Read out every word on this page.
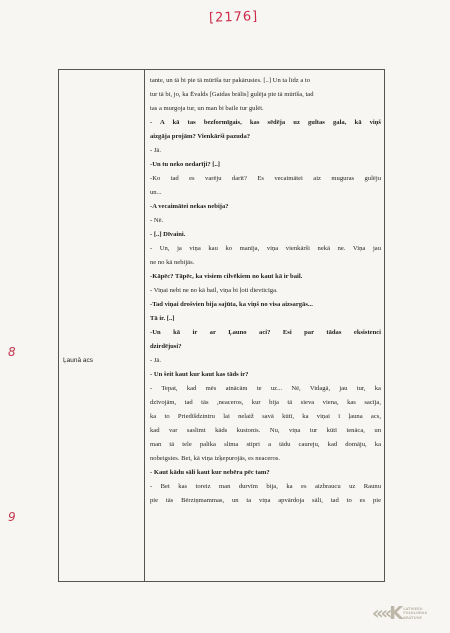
[2176]
8
9
Ļaunā acs
tante, un tā bi pie tā mūrīša tur pakārusies. [..] Un ta līdz a to
tur tā bi, jo, ka Ēvalds [Gaidas brālis] gulēja pie tā mūrīša, tad
tas a murgoja tur, un man bi baile tur gulēt.
- A kā tas bezformīgais, kas sēdēja uz gultas gala, kā viņš
aizgāja projām? Vienkārši pazuda?
- Jā.
-Un tu neko nedarīji? [..]
-Ko tad es varēju darīt? Es vecaimātei aiz muguras gulēju
un...
-A vecaimātei nekas nebija?
- Nē.
- [..] Dīvaini.
- Un, ja viņa kau ko manīja, viņa vienkārši nekā ne. Viņa jau
ne no kā nebijās.
-Kāpēc? Tāpēc, ka visiem cilvēkiem no kaut kā ir bail.
- Viņai nebi ne no kā bail, viņa bi ļoti dievticīga.
-Tad viņai drošvien bija sajūta, ka viņš no visa aizsargās...
Tā ir. [..]
-Un kā ir ar Ļauno aci? Esi par tādas eksistenci
dzirdējusi?
- Jā.
- Un šeit kaut kur kaut kas tāds ir?
- Tepat, kad mēs atnācām te uz... Nē, Vidagā, jau tur, ka
dzīvojām, tad tās ,neaceros, kur bija tā sieva viena, kas sacīja,
ka to Priedīšdzintru lai nelaiž savā kūtī, ka viņai ī ļauna acs,
kad var saslimt kāds kustonis. Nu, viņa tur kūtī ienāca, un
man tā tele palika slima stipri a tādu caureju, kad domāju, ka
nobeigsies. Bet, kā viņa izķepurojās, es neaceros.
- Kaut kādu sāli kaut kur nebēra pēc tam?
- Bet kas toreiz man durvīm bija, ka es aizbraucu uz Raunu
pie tās Bērziņmammas, un ta viņa apvārdoja sāli, tad to es pie
««K LATVIEŠU
FOLKLORAS
KRĀTUVE
